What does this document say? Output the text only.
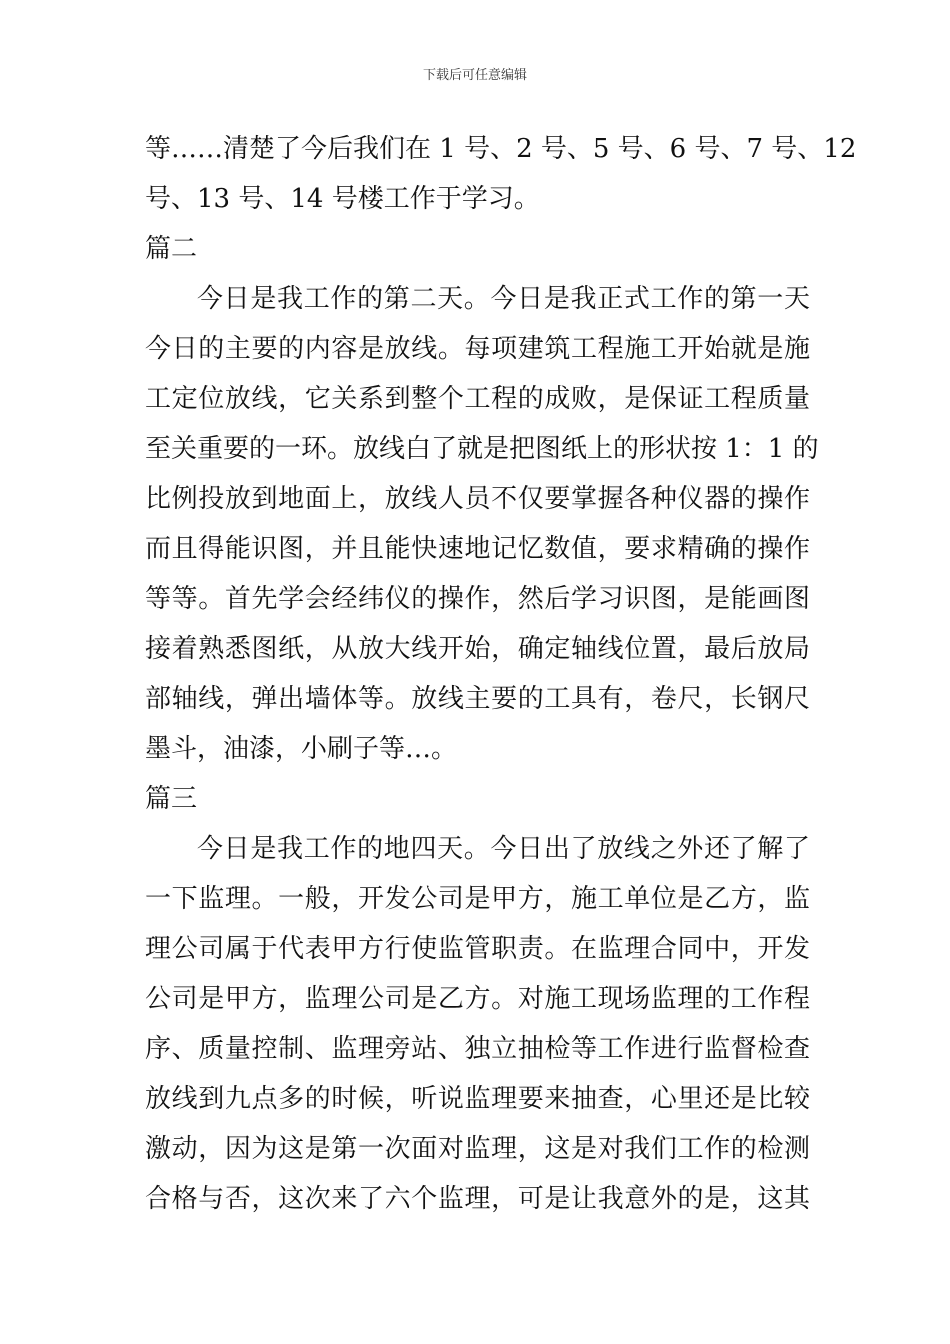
下载后可任意编辑
等……清楚了今后我们在 1 号、2 号、5 号、6 号、7 号、12
号、13 号、14 号楼工作于学习。
篇二
今日是我工作的第二天。今日是我正式工作的第一天
今日的主要的内容是放线。每项建筑工程施工开始就是施
工定位放线，它关系到整个工程的成败，是保证工程质量
至关重要的一环。放线白了就是把图纸上的形状按 1：1 的
比例投放到地面上，放线人员不仅要掌握各种仪器的操作
而且得能识图，并且能快速地记忆数值，要求精确的操作
等等。首先学会经纬仪的操作，然后学习识图，是能画图
接着熟悉图纸，从放大线开始，确定轴线位置，最后放局
部轴线，弹出墙体等。放线主要的工具有，卷尺，长钢尺
墨斗，油漆，小刷子等…。
篇三
今日是我工作的地四天。今日出了放线之外还了解了
一下监理。一般，开发公司是甲方，施工单位是乙方，监
理公司属于代表甲方行使监管职责。在监理合同中，开发
公司是甲方，监理公司是乙方。对施工现场监理的工作程
序、质量控制、监理旁站、独立抽检等工作进行监督检查
放线到九点多的时候，听说监理要来抽查，心里还是比较
激动，因为这是第一次面对监理，这是对我们工作的检测
合格与否，这次来了六个监理，可是让我意外的是，这其
